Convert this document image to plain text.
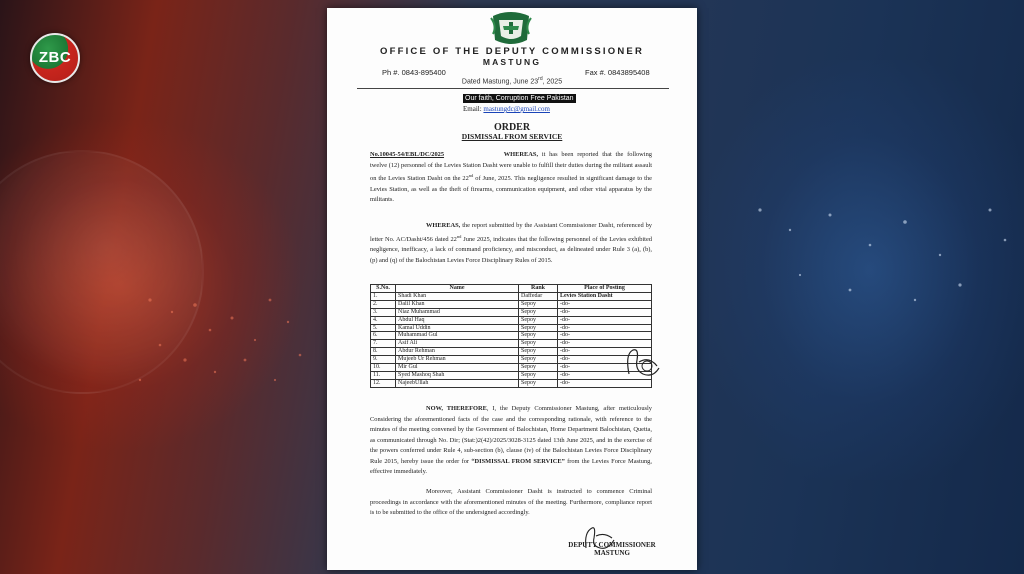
ZBC	OFFICE OF THE DEPUTY COMMISSIONER
MASTUNG
Ph #. 0843-895400	Fax #. 0843895408
Dated Mastung, June 23rd, 2025
Our faith, Corruption Free Pakistan
Email: mastungdc@gmail.com
ORDER
DISMISSAL FROM SERVICE
No.10045-54/EBL/DC/2025	WHEREAS, it has been reported that the following twelve (12) personnel of the Levies Station Dasht were unable to fulfill their duties during the militant assault on the Levies Station Dasht on the 22nd of June, 2025. This negligence resulted in significant damage to the Levies Station, as well as the theft of firearms, communication equipment, and other vital apparatus by the militants.
WHEREAS, the report submitted by the Assistant Commissioner Dasht, referenced by letter No. AC/Dasht/456 dated 22nd June 2025, indicates that the following personnel of the Levies exhibited negligence, inefficacy, a lack of command proficiency, and misconduct, as delineated under Rule 3 (a), (b), (p) and (q) of the Balochistan Levies Force Disciplinary Rules of 2015.
S.No.	Name	Rank	Place of Posting
1.	Shadi Khan	Daffedar	Levies Station Dasht
2.	Dalil Khan	Sepoy	-do-
3.	Niaz Muhammad	Sepoy	-do-
4.	Abdul Haq	Sepoy	-do-
5.	Kamal Uddin	Sepoy	-do-
6.	Muhammad Gul	Sepoy	-do-
7.	Asif Ali	Sepoy	-do-
8.	Abdur Rehman	Sepoy	-do-
9.	Mujeeb Ur Rehman	Sepoy	-do-
10.	Mir Gul	Sepoy	-do-
11.	Syed Mashoq Shah	Sepoy	-do-
12.	NajeebUllah	Sepoy	-do-
NOW, THEREFORE, I, the Deputy Commissioner Mastung, after meticulously Considering the aforementioned facts of the case and the corresponding rationale, with reference to the minutes of the meeting convened by the Government of Balochistan, Home Department Balochistan, Quetta, as communicated through No. Dir; (Stat:)2(42)/2025/3028-3125 dated 13th June 2025, and in the exercise of the powers conferred under Rule 4, sub-section (b), clause (iv) of the Balochistan Levies Force Disciplinary Rule 2015, hereby issue the order for “DISMISSAL FROM SERVICE” from the Levies Force Mastung, effective immediately.
Moreover, Assistant Commissioner Dasht is instructed to commence Criminal proceedings in accordance with the aforementioned minutes of the meeting. Furthermore, compliance report is to be submitted to the office of the undersigned accordingly.
DEPUTY COMMISSIONER
MASTUNG
